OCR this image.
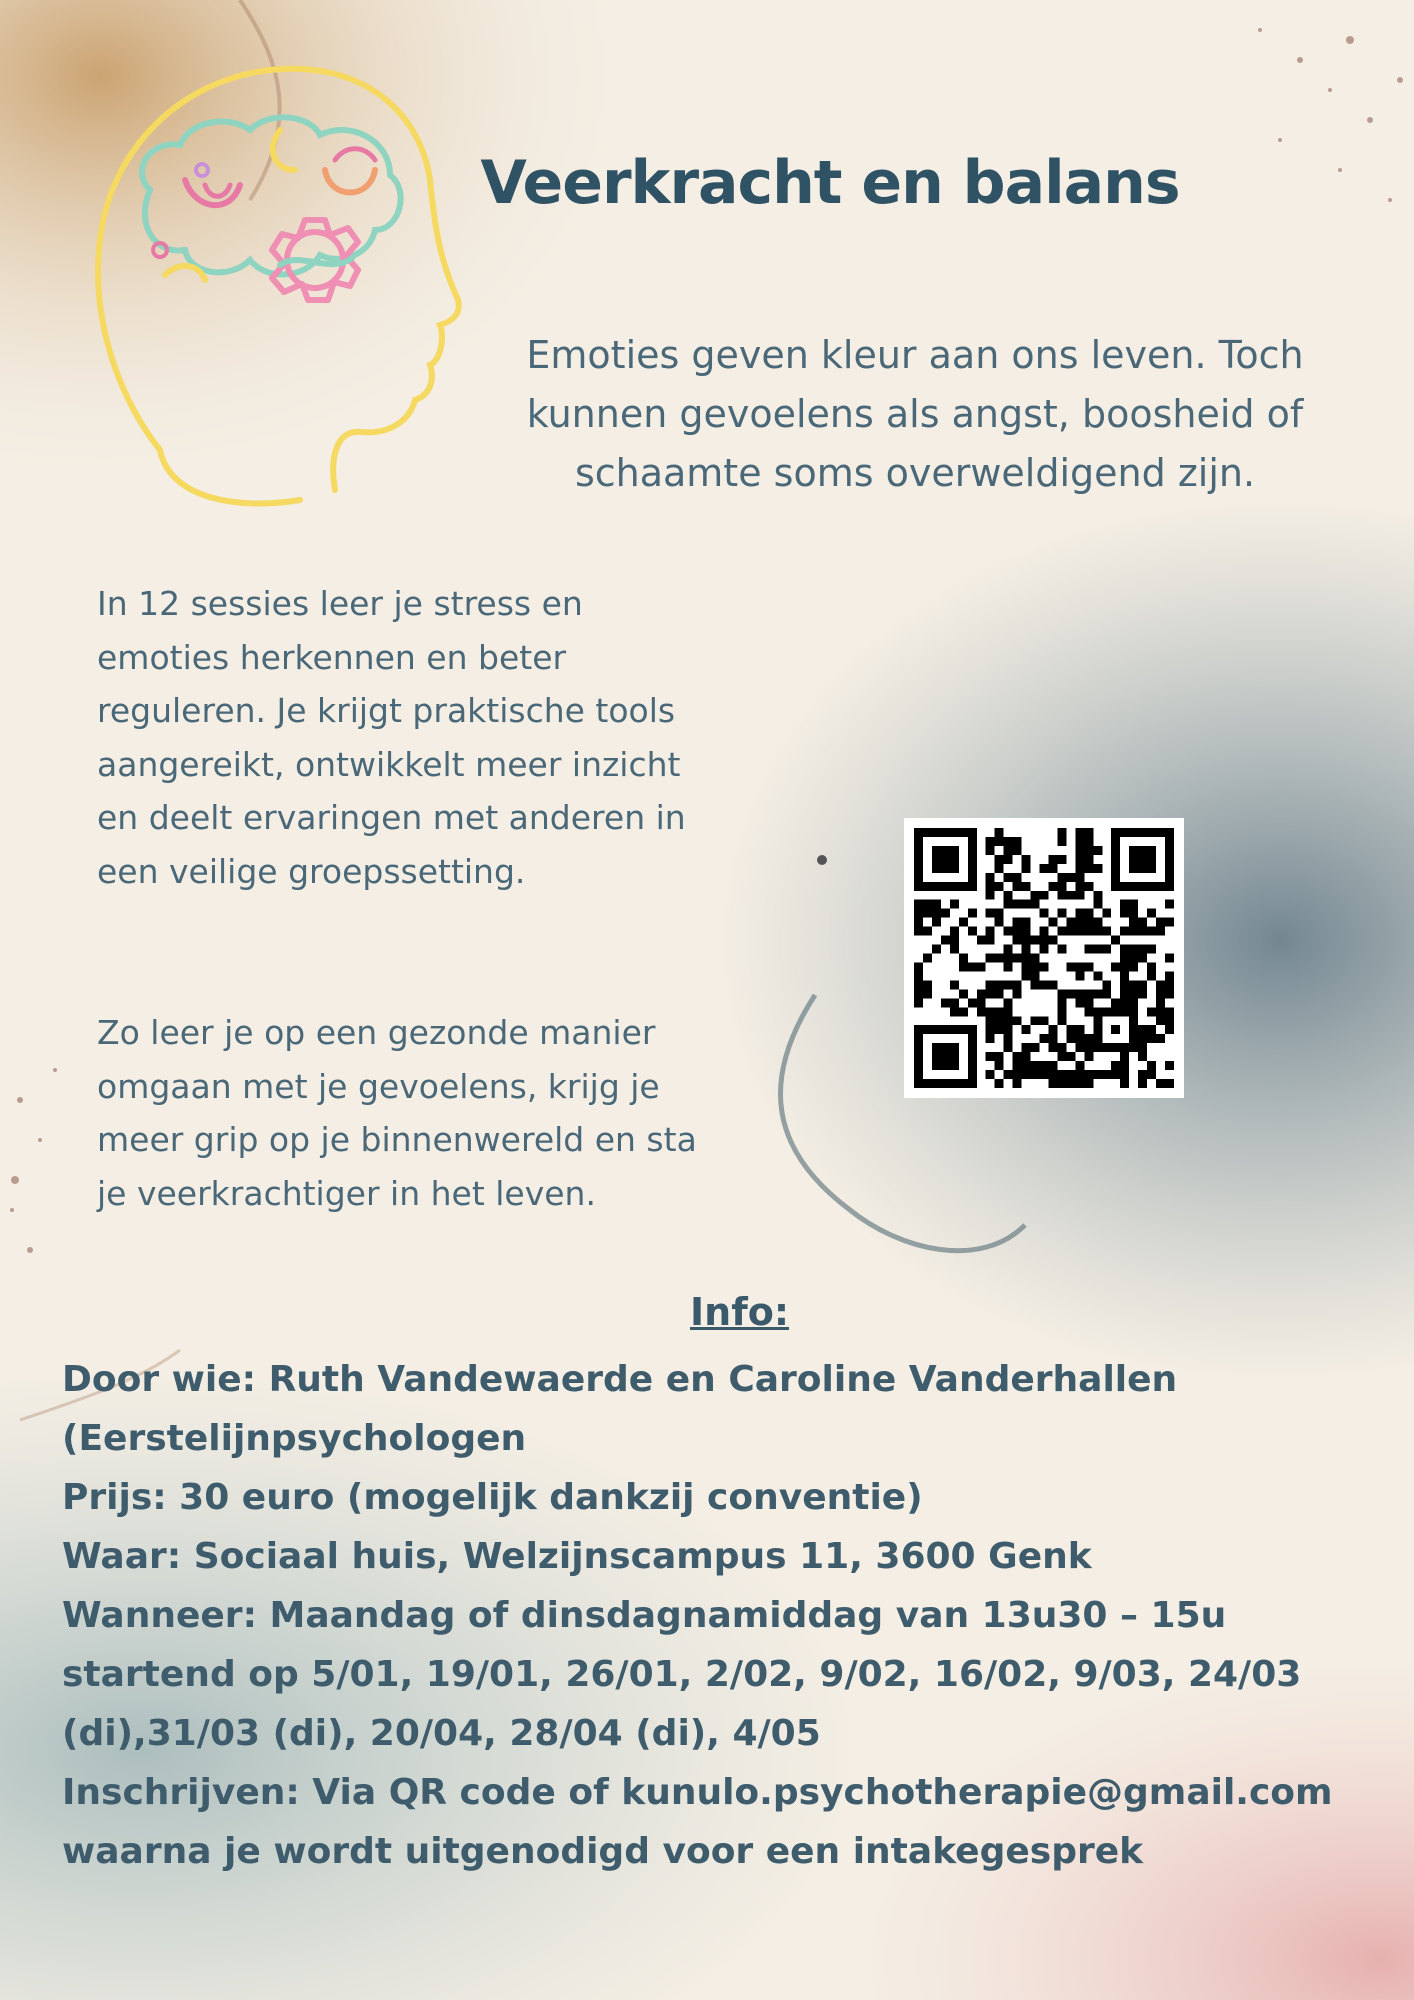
Veerkracht en balans

Emoties geven kleur aan ons leven. Toch kunnen gevoelens als angst, boosheid of schaamte soms overweldigend zijn.

In 12 sessies leer je stress en emoties herkennen en beter reguleren. Je krijgt praktische tools aangereikt, ontwikkelt meer inzicht en deelt ervaringen met anderen in een veilige groepssetting.

Zo leer je op een gezonde manier omgaan met je gevoelens, krijg je meer grip op je binnenwereld en sta je veerkrachtiger in het leven.

Info:

Door wie: Ruth Vandewaerde en Caroline Vanderhallen (Eerstelijnpsychologen

Prijs: 30 euro (mogelijk dankzij conventie)

Waar: Sociaal huis, Welzijnscampus 11, 3600 Genk

Wanneer: Maandag of dinsdagnamiddag van 13u30 – 15u startend op 5/01, 19/01, 26/01, 2/02, 9/02, 16/02, 9/03, 24/03 (di),31/03 (di), 20/04, 28/04 (di), 4/05

Inschrijven: Via QR code of kunulo.psychotherapie@gmail.com waarna je wordt uitgenodigd voor een intakegesprek
